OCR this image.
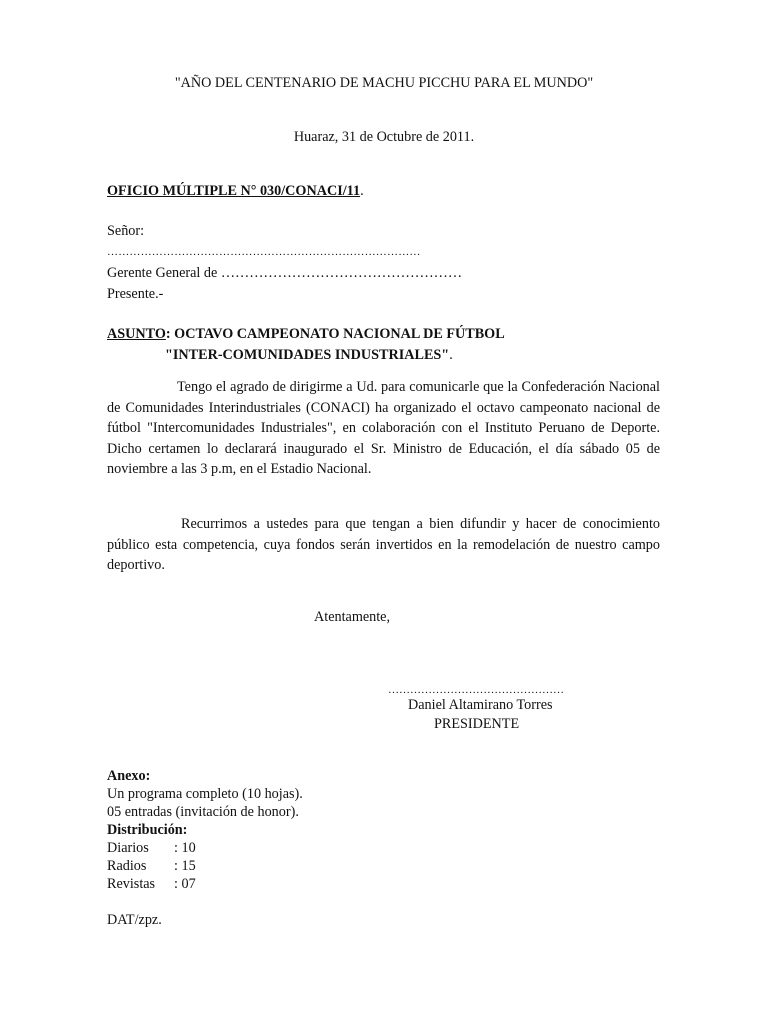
"AÑO DEL CENTENARIO DE MACHU PICCHU PARA EL MUNDO"
Huaraz, 31 de Octubre de 2011.
OFICIO MÚLTIPLE N° 030/CONACI/11.
Señor:
…………………………………………………………………………
Gerente General de ……………………………………………
Presente.-
ASUNTO: OCTAVO CAMPEONATO NACIONAL DE FÚTBOL
"INTER-COMUNIDADES INDUSTRIALES".
Tengo el agrado de dirigirme a Ud. para comunicarle que la Confederación Nacional de Comunidades Interindustriales (CONACI) ha organizado el octavo campeonato nacional de fútbol "Intercomunidades Industriales", en colaboración con el Instituto Peruano de Deporte. Dicho certamen lo declarará inaugurado el Sr. Ministro de Educación, el día sábado 05 de noviembre a las 3 p.m, en el Estadio Nacional.
Recurrimos a ustedes para que tengan a bien difundir y hacer de conocimiento público esta competencia, cuya fondos serán invertidos en la remodelación de nuestro campo deportivo.
Atentamente,
…………………………………………
Daniel Altamirano Torres
PRESIDENTE
Anexo:
Un programa completo (10 hojas).
05 entradas (invitación de honor).
Distribución:
Diarios : 10
Radios : 15
Revistas : 07
DAT/zpz.
